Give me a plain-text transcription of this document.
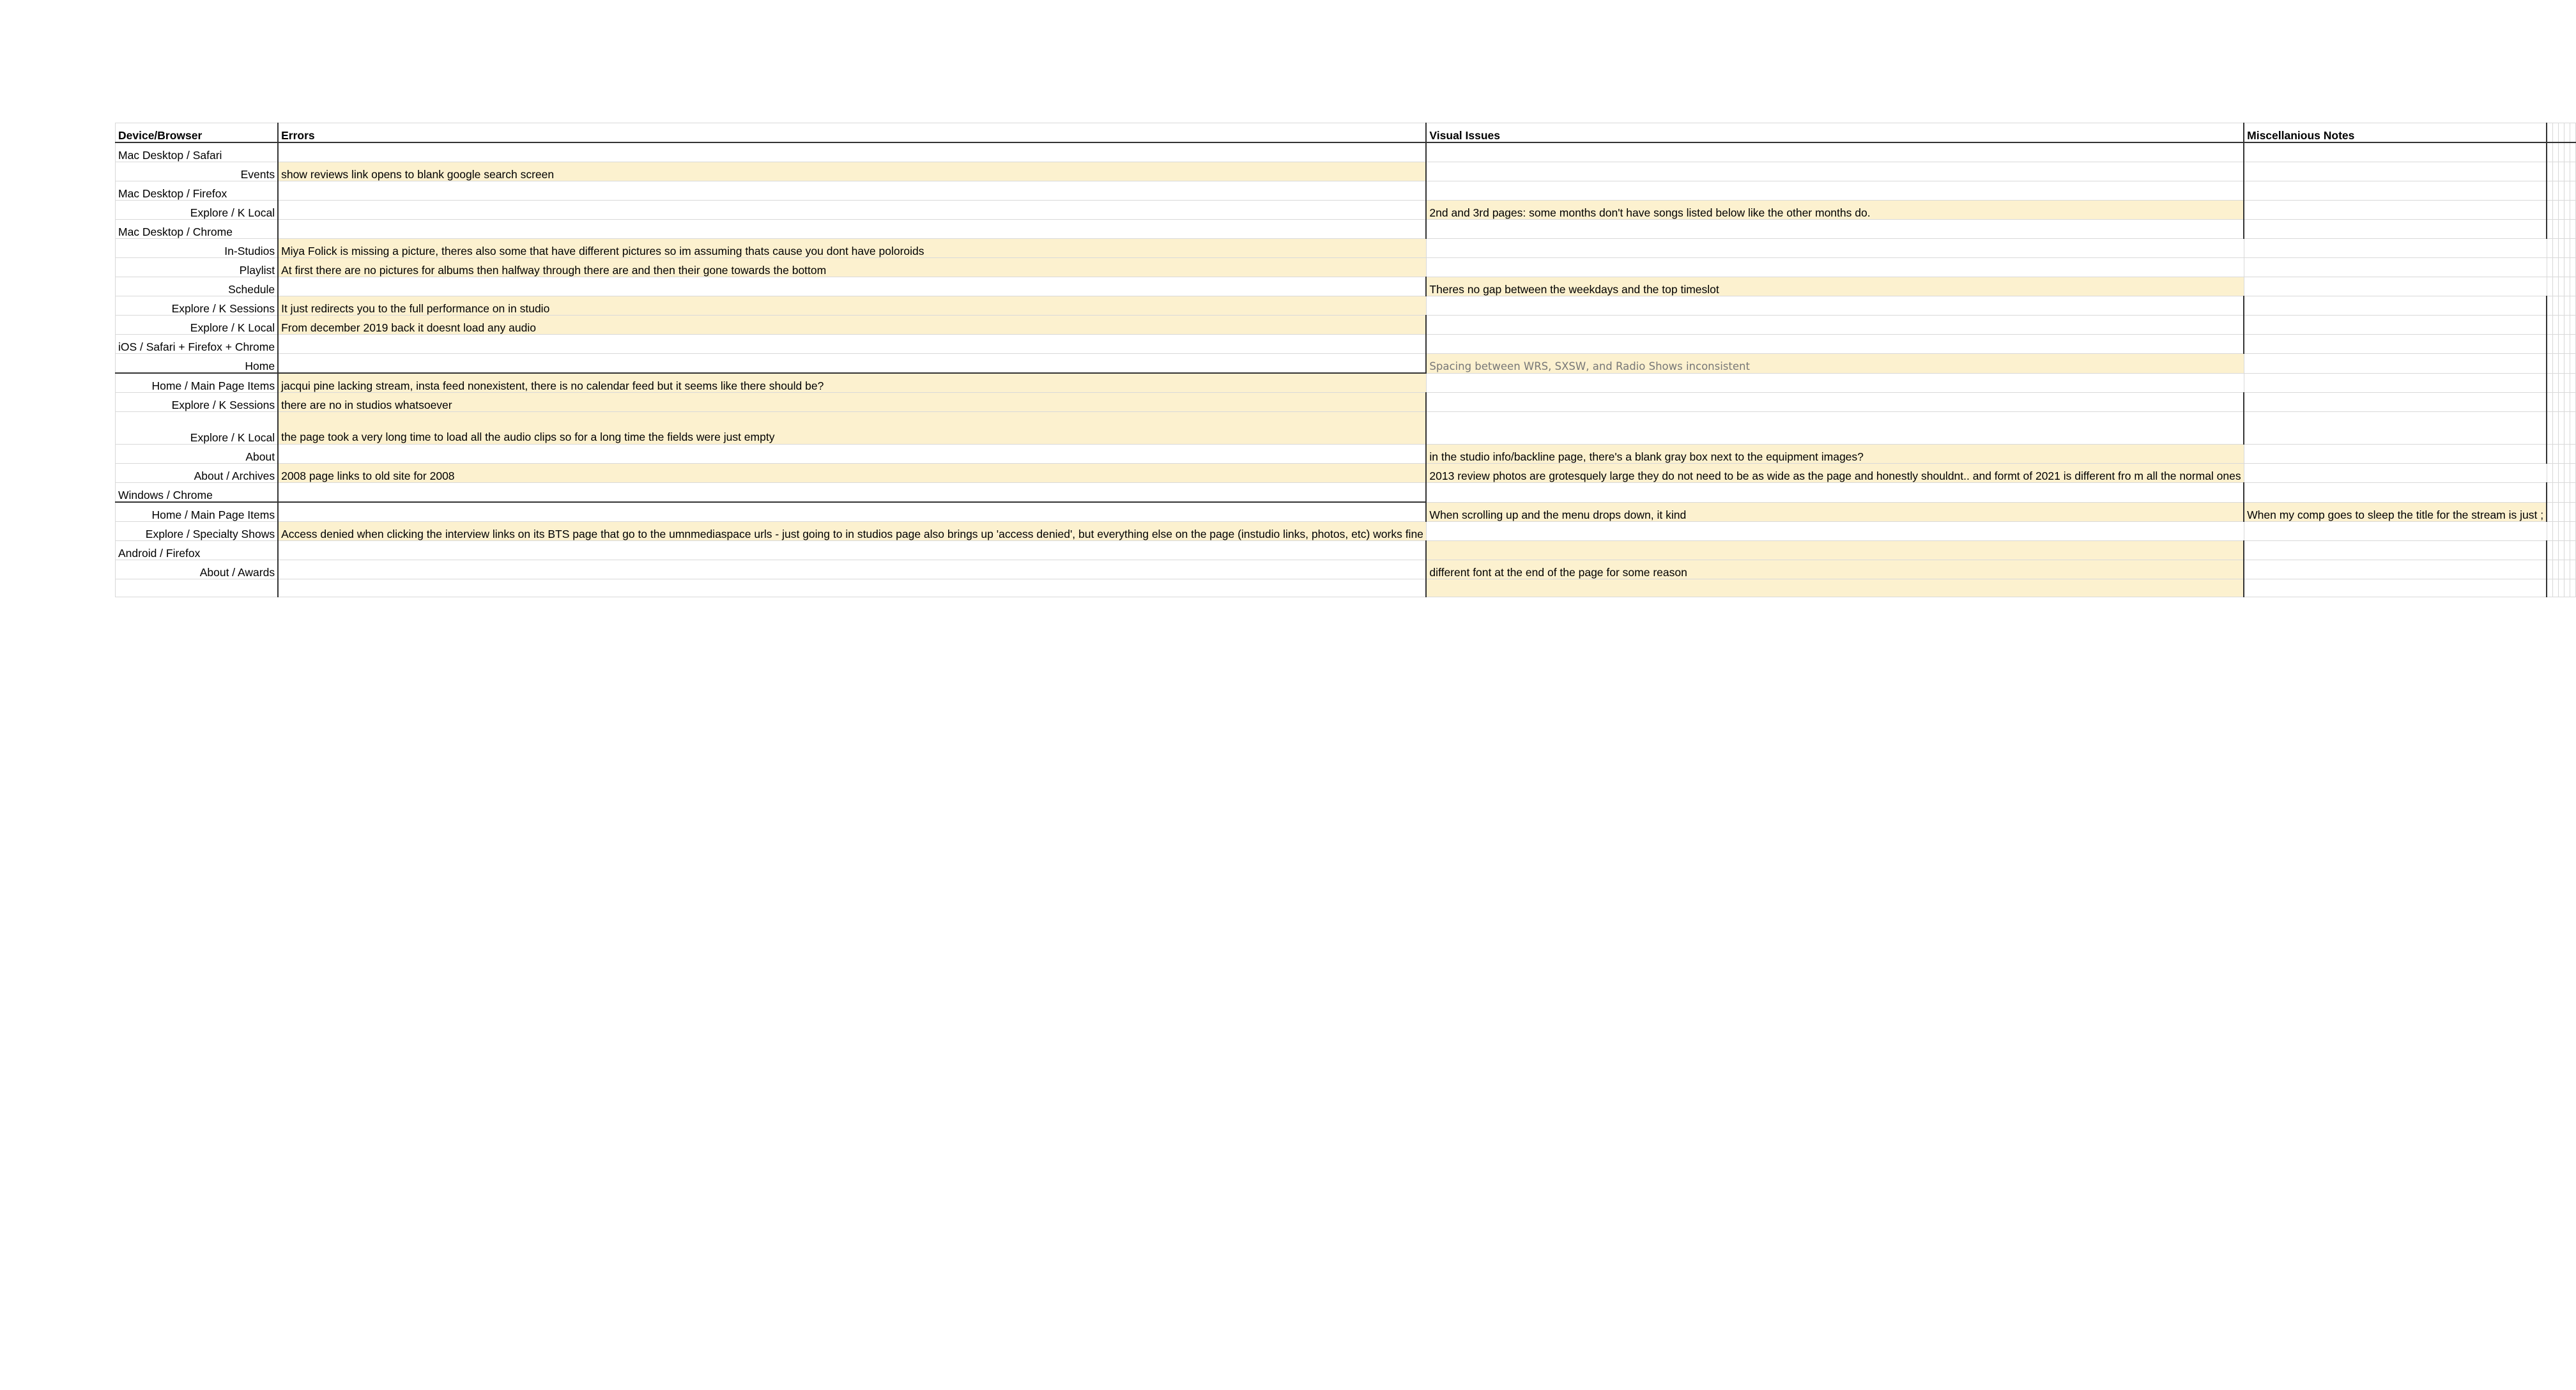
Device/Browser	Errors	Visual Issues	Miscellanious Notes					
Mac Desktop / Safari								
Events	show reviews link opens to blank google search screen							
Mac Desktop / Firefox								
Explore / K Local		2nd and 3rd pages: some months don't have songs listed below like the other months do.						
Mac Desktop / Chrome								
In-Studios	Miya Folick is missing a picture, theres also some that have different pictures so im assuming thats cause you dont have poloroids							
Playlist	At first there are no pictures for albums then halfway through there are and then their gone towards the bottom							
Schedule		Theres no gap between the weekdays and the top timeslot						
Explore / K Sessions	It just redirects you to the full performance on in studio							
Explore / K Local	From december 2019 back it doesnt load any audio							
iOS / Safari + Firefox + Chrome								
Home		Spacing between WRS, SXSW, and Radio Shows inconsistent						
Home / Main Page Items	jacqui pine lacking stream, insta feed nonexistent, there is no calendar feed but it seems like there should be?							
Explore / K Sessions	there are no in studios whatsoever							
Explore / K Local	the page took a very long time to load all the audio clips so for a long time the fields were just empty							
About		in the studio info/backline page, there's a blank gray box next to the equipment images?						
About / Archives	2008 page links to old site for 2008	2013 review photos are grotesquely large they do not need to be as wide as the page and honestly shouldnt.. and formt of 2021 is different fro m all the normal ones						
Windows / Chrome								
Home / Main Page Items		When scrolling up and the menu drops down, it kind	When my comp goes to sleep the title for the stream is just ;					
Explore / Specialty Shows	Access denied when clicking the interview links on its BTS page that go to the umnmediaspace urls - just going to in studios page also brings up 'access denied', but everything else on the page (instudio links, photos, etc) works fine							
Android / Firefox								
About / Awards		different font at the end of the page for some reason						
